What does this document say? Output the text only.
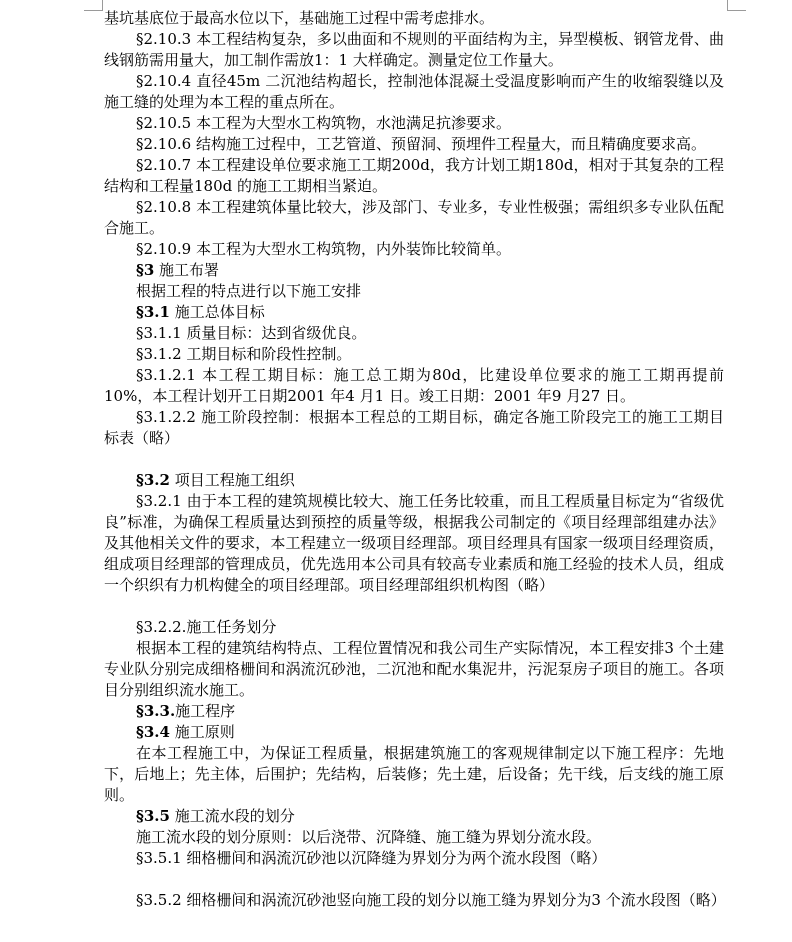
基坑基底位于最高水位以下，基础施工过程中需考虑排水。

§2.10.3 本工程结构复杂，多以曲面和不规则的平面结构为主，异型模板、钢管龙骨、曲线钢筋需用量大，加工制作需放1：1 大样确定。测量定位工作量大。

§2.10.4 直径45m 二沉池结构超长，控制池体混凝土受温度影响而产生的收缩裂缝以及施工缝的处理为本工程的重点所在。

§2.10.5 本工程为大型水工构筑物，水池满足抗渗要求。

§2.10.6 结构施工过程中，工艺管道、预留洞、预埋件工程量大，而且精确度要求高。

§2.10.7 本工程建设单位要求施工工期200d，我方计划工期180d，相对于其复杂的工程结构和工程量180d 的施工工期相当紧迫。

§2.10.8 本工程建筑体量比较大，涉及部门、专业多，专业性极强；需组织多专业队伍配合施工。

§2.10.9 本工程为大型水工构筑物，内外装饰比较简单。

§3 施工布署

根据工程的特点进行以下施工安排

§3.1 施工总体目标

§3.1.1 质量目标：达到省级优良。

§3.1.2 工期目标和阶段性控制。

§3.1.2.1 本工程工期目标：施工总工期为80d，比建设单位要求的施工工期再提前10%，本工程计划开工日期2001 年4 月1 日。竣工日期：2001 年9 月27 日。

§3.1.2.2 施工阶段控制：根据本工程总的工期目标，确定各施工阶段完工的施工工期目标表（略）

§3.2 项目工程施工组织

§3.2.1 由于本工程的建筑规模比较大、施工任务比较重，而且工程质量目标定为“省级优良”标准，为确保工程质量达到预控的质量等级，根据我公司制定的《项目经理部组建办法》及其他相关文件的要求，本工程建立一级项目经理部。项目经理具有国家一级项目经理资质，组成项目经理部的管理成员，优先选用本公司具有较高专业素质和施工经验的技术人员，组成一个织织有力机构健全的项目经理部。项目经理部组织机构图（略）

§3.2.2.施工任务划分

根据本工程的建筑结构特点、工程位置情况和我公司生产实际情况，本工程安排3 个土建专业队分别完成细格栅间和涡流沉砂池，二沉池和配水集泥井，污泥泵房子项目的施工。各项目分别组织流水施工。

§3.3.施工程序

§3.4 施工原则

在本工程施工中，为保证工程质量，根据建筑施工的客观规律制定以下施工程序：先地下，后地上；先主体，后围护；先结构，后装修；先土建，后设备；先干线，后支线的施工原则。

§3.5 施工流水段的划分

施工流水段的划分原则：以后浇带、沉降缝、施工缝为界划分流水段。

§3.5.1 细格栅间和涡流沉砂池以沉降缝为界划分为两个流水段图（略）

§3.5.2 细格栅间和涡流沉砂池竖向施工段的划分以施工缝为界划分为3 个流水段图（略）
